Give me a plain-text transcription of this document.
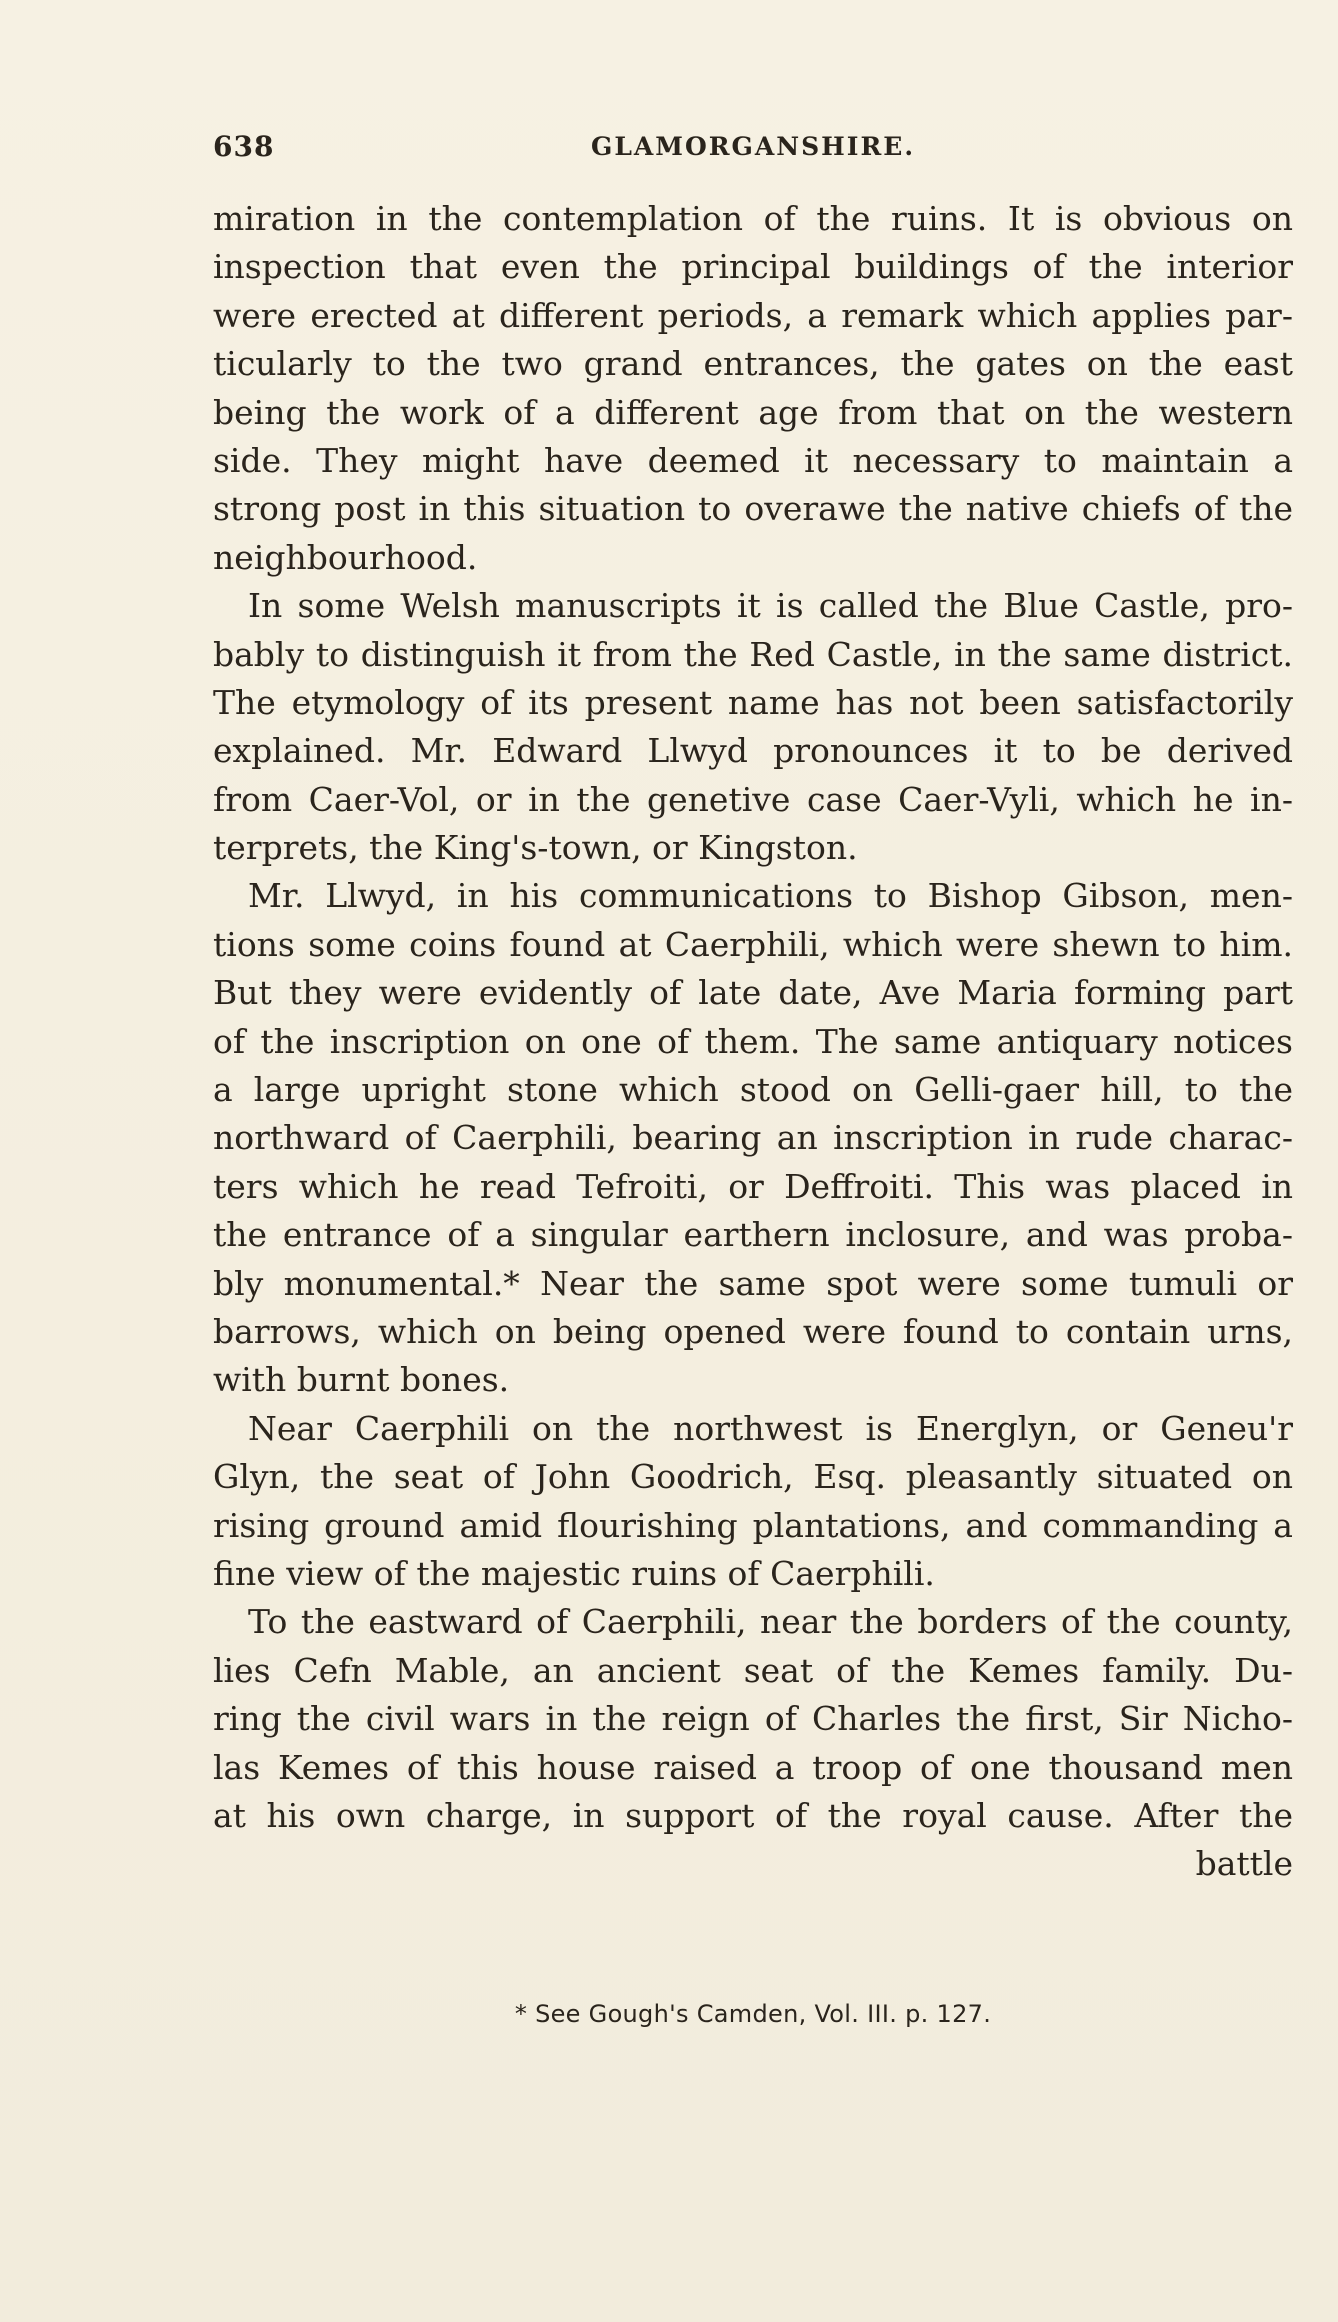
638	GLAMORGANSHIRE.
miration in the contemplation of the ruins. It is obvious on
inspection that even the principal buildings of the interior
were erected at different periods, a remark which applies par-
ticularly to the two grand entrances, the gates on the east
being the work of a different age from that on the western
side. They might have deemed it necessary to maintain a
strong post in this situation to overawe the native chiefs of the
neighbourhood.
In some Welsh manuscripts it is called the Blue Castle, pro-
bably to distinguish it from the Red Castle, in the same district.
The etymology of its present name has not been satisfactorily
explained. Mr. Edward Llwyd pronounces it to be derived
from Caer-Vol, or in the genetive case Caer-Vyli, which he in-
terprets, the King's-town, or Kingston.
Mr. Llwyd, in his communications to Bishop Gibson, men-
tions some coins found at Caerphili, which were shewn to him.
But they were evidently of late date, Ave Maria forming part
of the inscription on one of them. The same antiquary notices
a large upright stone which stood on Gelli-gaer hill, to the
northward of Caerphili, bearing an inscription in rude charac-
ters which he read Tefroiti, or Deffroiti. This was placed in
the entrance of a singular earthern inclosure, and was proba-
bly monumental.* Near the same spot were some tumuli or
barrows, which on being opened were found to contain urns,
with burnt bones.
Near Caerphili on the northwest is Energlyn, or Geneu'r
Glyn, the seat of John Goodrich, Esq. pleasantly situated on
rising ground amid flourishing plantations, and commanding a
fine view of the majestic ruins of Caerphili.
To the eastward of Caerphili, near the borders of the county,
lies Cefn Mable, an ancient seat of the Kemes family. Du-
ring the civil wars in the reign of Charles the first, Sir Nicho-
las Kemes of this house raised a troop of one thousand men
at his own charge, in support of the royal cause. After the
battle
* See Gough's Camden, Vol. III. p. 127.
